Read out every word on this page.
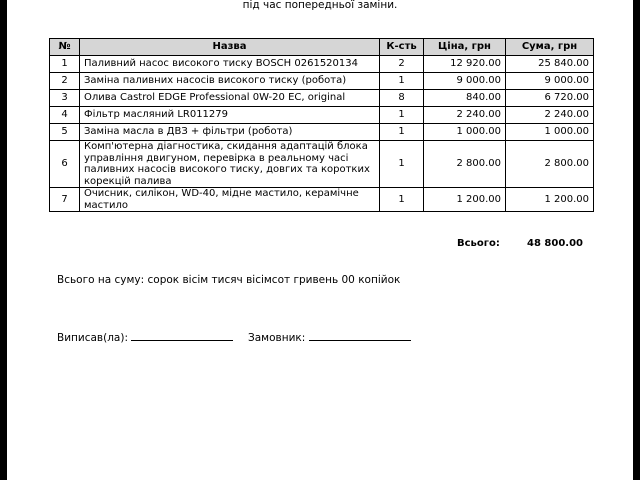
під час попередньої заміни.
№	Назва	К-сть	Ціна, грн	Сума, грн
1	Паливний насос високого тиску BOSCH 0261520134	2	12 920.00	25 840.00
2	Заміна паливних насосів високого тиску (робота)	1	9 000.00	9 000.00
3	Олива Castrol EDGE Professional 0W-20 EC, original	8	840.00	6 720.00
4	Фільтр масляний LR011279	1	2 240.00	2 240.00
5	Заміна масла в ДВЗ + фільтри (робота)	1	1 000.00	1 000.00
6	Комп'ютерна діагностика, скидання адаптацій блока
управління двигуном, перевірка в реальному часі
паливних насосів високого тиску, довгих та коротких
корекцій палива	1	2 800.00	2 800.00
7	Очисник, силікон, WD-40, мідне мастило, керамічне
мастило	1	1 200.00	1 200.00
Всього:	48 800.00
Всього на суму: сорок вісім тисяч вісімсот гривень 00 копійок
Виписав(ла):	Замовник:
